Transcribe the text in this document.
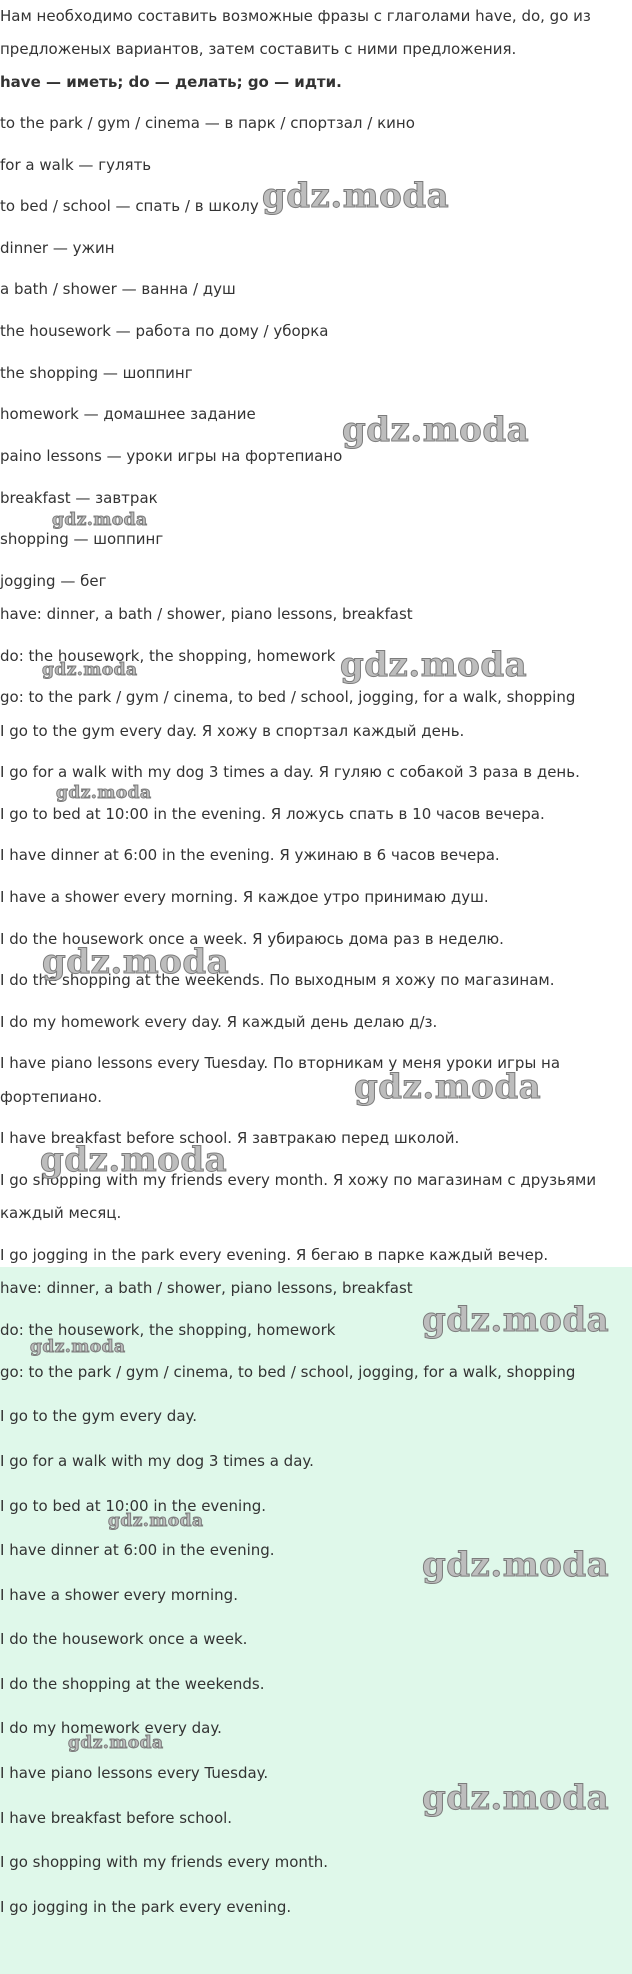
Нам необходимо составить возможные фразы с глаголами have, do, go из
предложеных вариантов, затем составить с ними предложения.
have — иметь; do — делать; go — идти.
to the park / gym / cinema — в парк / спортзал / кино
for a walk — гулять
to bed / school — спать / в школу
dinner — ужин
a bath / shower — ванна / душ
the housework — работа по дому / уборка
the shopping — шоппинг
homework — домашнее задание
paino lessons — уроки игры на фортепиано
breakfast — завтрак
shopping — шоппинг
jogging — бег
have: dinner, a bath / shower, piano lessons, breakfast
do: the housework, the shopping, homework
go: to the park / gym / cinema, to bed / school, jogging, for a walk, shopping
I go to the gym every day. Я хожу в спортзал каждый день.
I go for a walk with my dog 3 times a day. Я гуляю с собакой 3 раза в день.
I go to bed at 10:00 in the evening. Я ложусь спать в 10 часов вечера.
I have dinner at 6:00 in the evening. Я ужинаю в 6 часов вечера.
I have a shower every morning. Я каждое утро принимаю душ.
I do the housework once a week. Я убираюсь дома раз в неделю.
I do the shopping at the weekends. По выходным я хожу по магазинам.
I do my homework every day. Я каждый день делаю д/з.
I have piano lessons every Tuesday. По вторникам у меня уроки игры на
фортепиано.
I have breakfast before school. Я завтракаю перед школой.
I go shopping with my friends every month. Я хожу по магазинам с друзьями
каждый месяц.
I go jogging in the park every evening. Я бегаю в парке каждый вечер.
have: dinner, a bath / shower, piano lessons, breakfast
do: the housework, the shopping, homework
go: to the park / gym / cinema, to bed / school, jogging, for a walk, shopping
I go to the gym every day.
I go for a walk with my dog 3 times a day.
I go to bed at 10:00 in the evening.
I have dinner at 6:00 in the evening.
I have a shower every morning.
I do the housework once a week.
I do the shopping at the weekends.
I do my homework every day.
I have piano lessons every Tuesday.
I have breakfast before school.
I go shopping with my friends every month.
I go jogging in the park every evening.
gdz.moda
gdz.moda
gdz.moda
gdz.moda	gdz.moda
gdz.moda
gdz.moda
gdz.moda
gdz.moda
gdz.moda
gdz.moda
gdz.moda
gdz.moda
gdz.moda
gdz.moda
